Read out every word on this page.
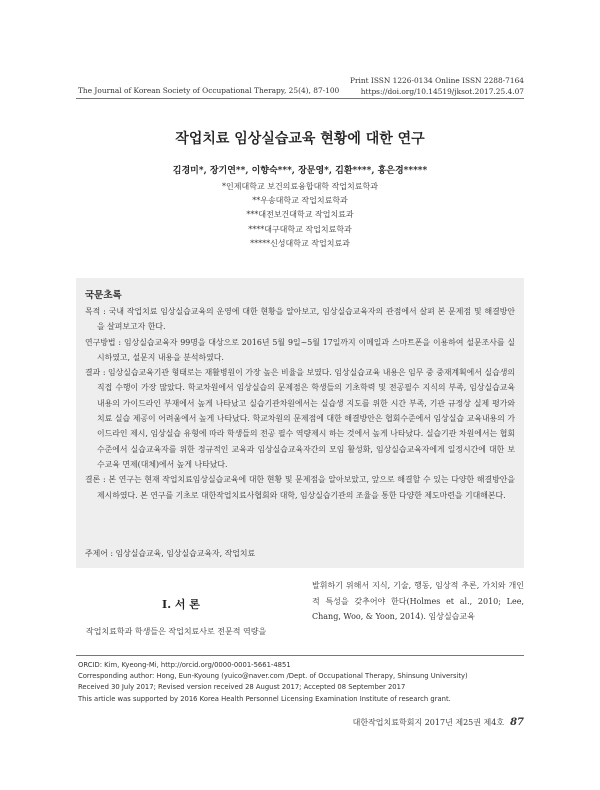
The Journal of Korean Society of Occupational Therapy, 25(4), 87-100
Print ISSN 1226-0134 Online ISSN 2288-7164
https://doi.org/10.14519/jksot.2017.25.4.07
작업치료 임상실습교육 현황에 대한 연구
김경미*, 장기연**, 이향숙***, 장문영*, 김환****, 홍은경*****
*인제대학교 보건의료융합대학 작업치료학과
**우송대학교 작업치료학과
***대전보건대학교 작업치료과
****대구대학교 작업치료학과
*****신성대학교 작업치료과
국문초록
목적 : 국내 작업치료 임상실습교육의 운영에 대한 현황을 알아보고, 임상실습교육자의 관점에서 살펴 본 문제점 및 해결방안을 살펴보고자 한다.
연구방법 : 임상실습교육자 99명을 대상으로 2016년 5월 9일~5월 17일까지 이메일과 스마트폰을 이용하여 설문조사를 실시하였고, 설문지 내용을 분석하였다.
결과 : 임상실습교육기관 형태로는 재활병원이 가장 높은 비율을 보였다. 임상실습교육 내용은 임무 중 중재계획에서 실습생의 직접 수행이 가장 많았다. 학교차원에서 임상실습의 문제점은 학생들의 기초학력 및 전공필수 지식의 부족, 임상실습교육 내용의 가이드라인 부재에서 높게 나타났고 실습기관차원에서는 실습생 지도를 위한 시간 부족, 기관 규정상 실제 평가와 치료 실습 제공이 어려움에서 높게 나타났다. 학교차원의 문제점에 대한 해결방안은 협회수준에서 임상실습 교육내용의 가이드라인 제시, 임상실습 유형에 따라 학생들의 전공 필수 역량제시 하는 것에서 높게 나타났다. 실습기관 차원에서는 협회수준에서 실습교육자를 위한 정규적인 교육과 임상실습교육자간의 모임 활성화, 임상실습교육자에게 일정시간에 대한 보수교육 면제(대체)에서 높게 나타났다.
결론 : 본 연구는 현재 작업치료임상실습교육에 대한 현황 및 문제점을 알아보았고, 앞으로 해결할 수 있는 다양한 해결방안을 제시하였다. 본 연구를 기초로 대한작업치료사협회와 대학, 임상실습기관의 조율을 통한 다양한 제도마련을 기대해본다.
주제어 : 임상실습교육, 임상실습교육자, 작업치료
Ⅰ. 서 론
작업치료학과 학생들은 작업치료사로 전문적 역량을
발휘하기 위해서 지식, 기술, 행동, 임상적 추론, 가치와 개인적 특성을 갖추어야 한다(Holmes et al., 2010; Lee, Chang, Woo, & Yoon, 2014). 임상실습교육
ORCID: Kim, Kyeong-Mi, http://orcid.org/0000-0001-5661-4851
Corresponding author: Hong, Eun-Kyoung (yuico@naver.com /Dept. of Occupational Therapy, Shinsung University)
Received 30 July 2017; Revised version received 28 August 2017; Accepted 08 September 2017
This article was supported by 2016 Korea Health Personnel Licensing Examination Institute of research grant.
대한작업치료학회지 2017년 제25권 제4호 87
